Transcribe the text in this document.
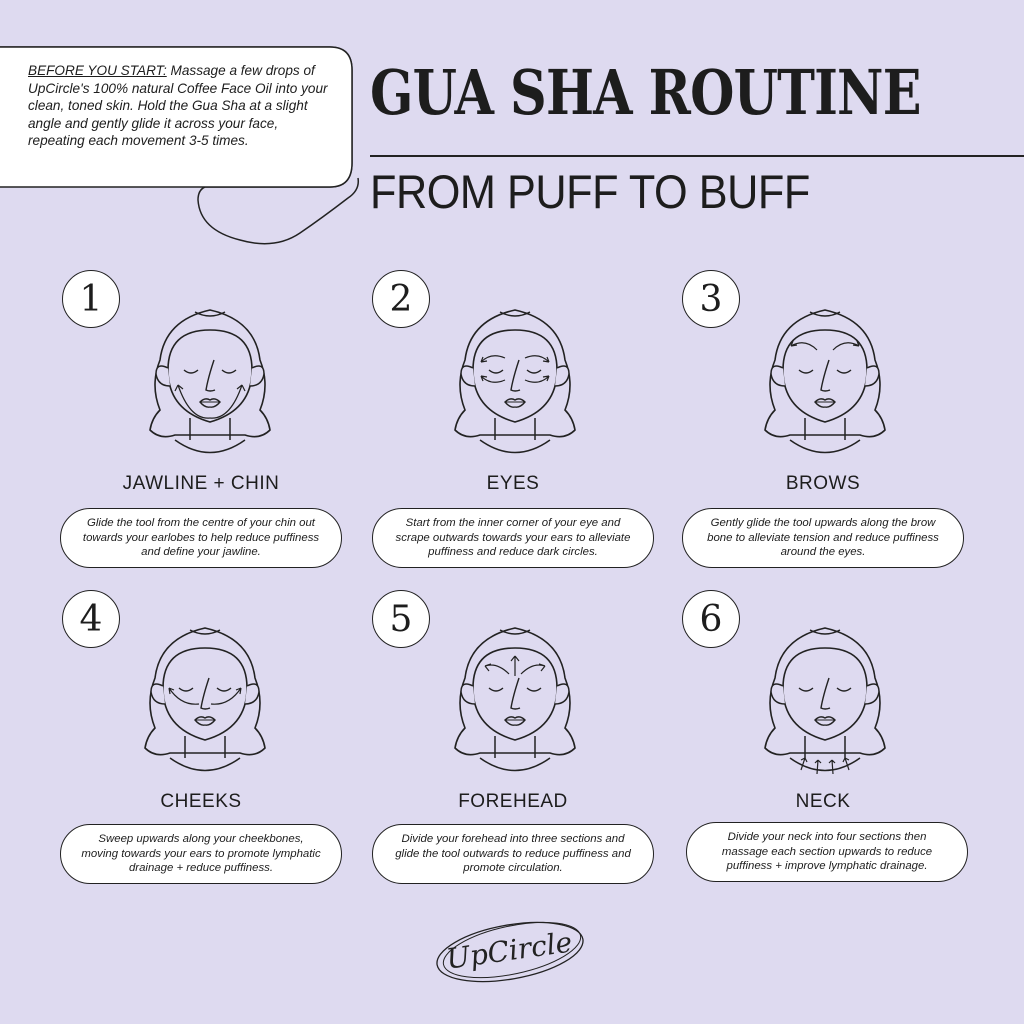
BEFORE YOU START: Massage a few drops of UpCircle's 100% natural Coffee Face Oil into your clean, toned skin. Hold the Gua Sha at a slight angle and gently glide it across your face, repeating each movement 3-5 times.
GUA SHA ROUTINE
FROM PUFF TO BUFF
1
JAWLINE + CHIN
Glide the tool from the centre of your chin out towards your earlobes to help reduce puffiness and define your jawline.
2
EYES
Start from the inner corner of your eye and scrape outwards towards your ears to alleviate puffiness and reduce dark circles.
3
BROWS
Gently glide the tool upwards along the brow bone to alleviate tension and reduce puffiness around the eyes.
4
CHEEKS
Sweep upwards along your cheekbones, moving towards your ears to promote lymphatic drainage + reduce puffiness.
5
FOREHEAD
Divide your forehead into three sections and glide the tool outwards to reduce puffiness and promote circulation.
6
NECK
Divide your neck into four sections then massage each section upwards to reduce puffiness + improve lymphatic drainage.
UpCircle
